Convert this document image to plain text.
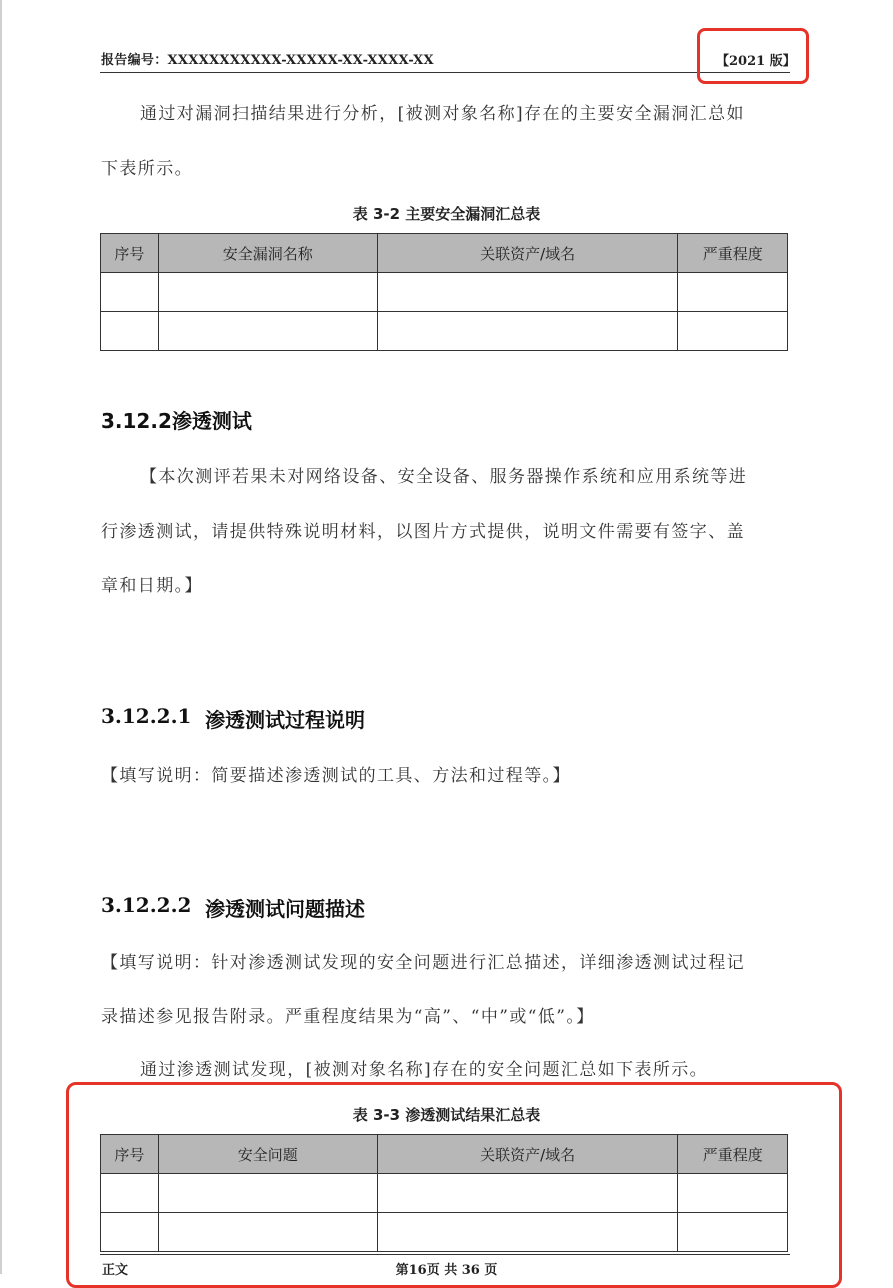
报告编号：XXXXXXXXXXX-XXXXX-XX-XXXX-XX	【2021 版】

通过对漏洞扫描结果进行分析，[被测对象名称]存在的主要安全漏洞汇总如

下表所示。

表 3-2 主要安全漏洞汇总表
序号	安全漏洞名称	关联资产/域名	严重程度

3.12.2渗透测试

【本次测评若果未对网络设备、安全设备、服务器操作系统和应用系统等进

行渗透测试，请提供特殊说明材料，以图片方式提供，说明文件需要有签字、盖

章和日期。】

3.12.2.1 渗透测试过程说明

【填写说明：简要描述渗透测试的工具、方法和过程等。】

3.12.2.2 渗透测试问题描述

【填写说明：针对渗透测试发现的安全问题进行汇总描述，详细渗透测试过程记

录描述参见报告附录。严重程度结果为“高”、“中”或“低”。】

通过渗透测试发现，[被测对象名称]存在的安全问题汇总如下表所示。

表 3-3 渗透测试结果汇总表
序号	安全问题	关联资产/域名	严重程度

正文	第16页 共 36 页
